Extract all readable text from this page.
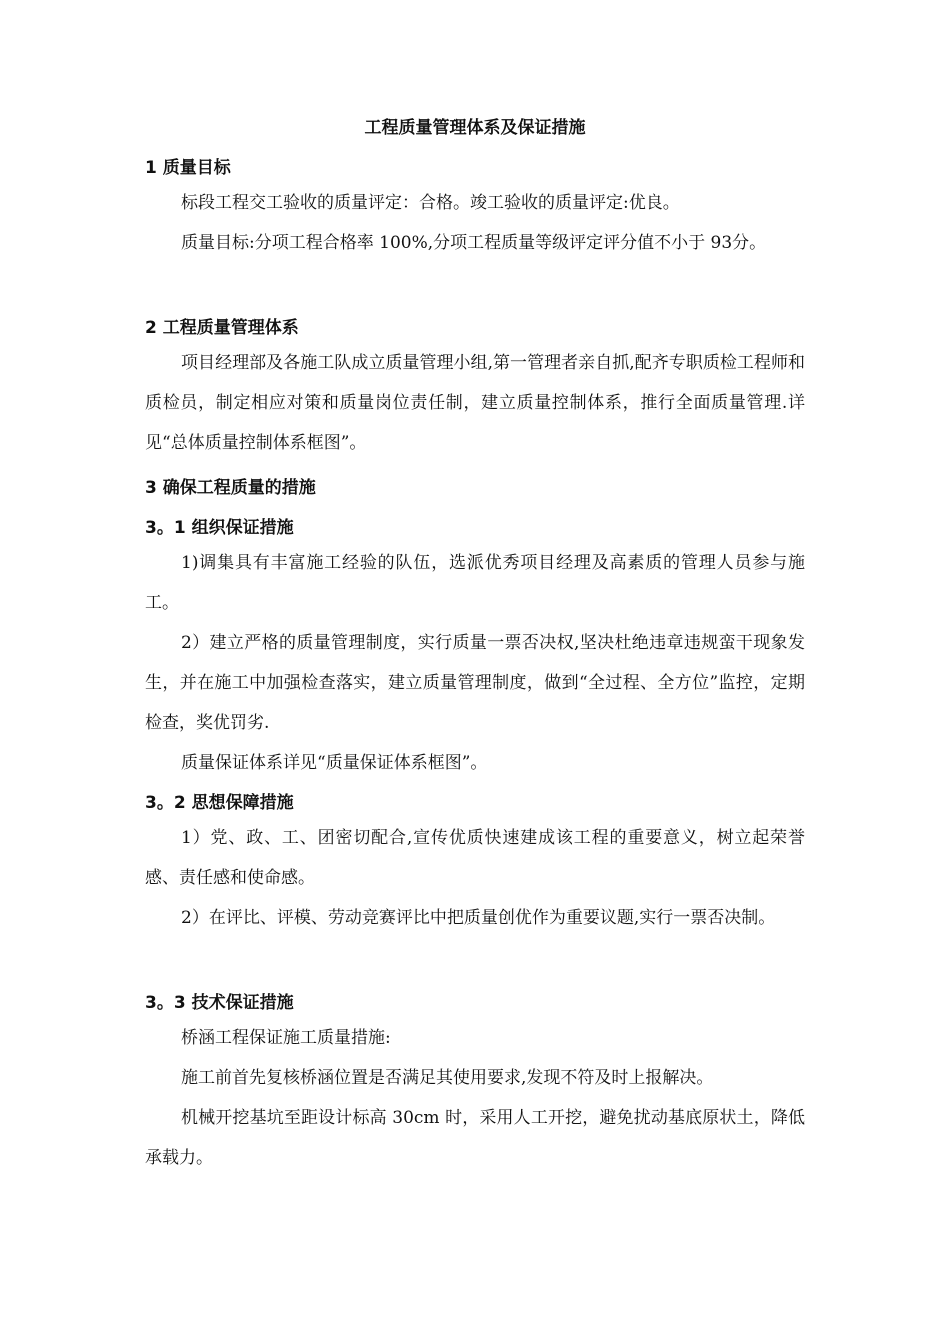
工程质量管理体系及保证措施
1 质量目标

标段工程交工验收的质量评定：合格。竣工验收的质量评定:优良。

质量目标:分项工程合格率 100%,分项工程质量等级评定评分值不小于 93分。

2 工程质量管理体系

项目经理部及各施工队成立质量管理小组,第一管理者亲自抓,配齐专职质检工程师和质检员，制定相应对策和质量岗位责任制，建立质量控制体系，推行全面质量管理.详见“总体质量控制体系框图”。

3 确保工程质量的措施
3。1 组织保证措施

1)调集具有丰富施工经验的队伍，选派优秀项目经理及高素质的管理人员参与施工。

2）建立严格的质量管理制度，实行质量一票否决权,坚决杜绝违章违规蛮干现象发生，并在施工中加强检查落实，建立质量管理制度，做到“全过程、全方位”监控，定期检查，奖优罚劣.

质量保证体系详见“质量保证体系框图”。

3。2 思想保障措施

1）党、政、工、团密切配合,宣传优质快速建成该工程的重要意义，树立起荣誉感、责任感和使命感。

2）在评比、评模、劳动竞赛评比中把质量创优作为重要议题,实行一票否决制。

3。3 技术保证措施

桥涵工程保证施工质量措施:

施工前首先复核桥涵位置是否满足其使用要求,发现不符及时上报解决。

机械开挖基坑至距设计标高 30cm 时，采用人工开挖，避免扰动基底原状土，降低承载力。
